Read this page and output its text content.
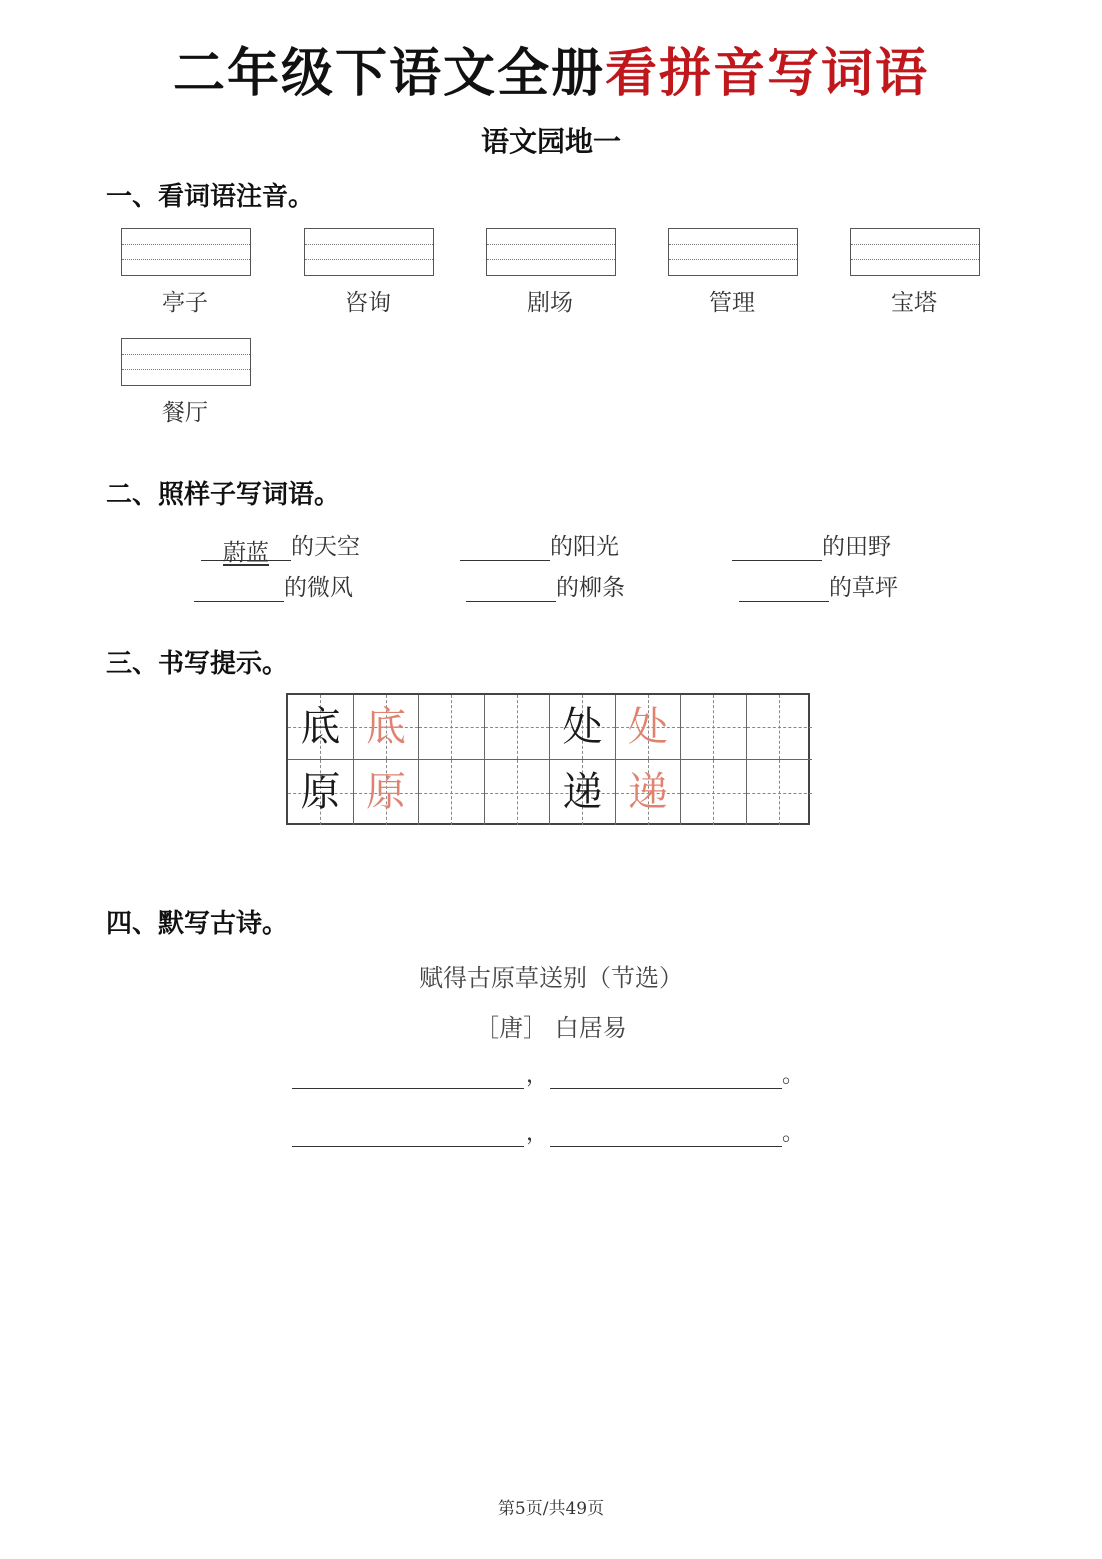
二年级下语文全册看拼音写词语
语文园地一
一、看词语注音。
亭子	咨询	剧场	管理	宝塔
餐厅
二、照样子写词语。
蔚蓝 的天空	的阳光	的田野
的微风	的柳条	的草坪
三、书写提示。
底 底	处 处
原 原	递 递
四、默写古诗。
赋得古原草送别（节选）
［唐］ 白居易
，	。
，	。
第5页/共49页
